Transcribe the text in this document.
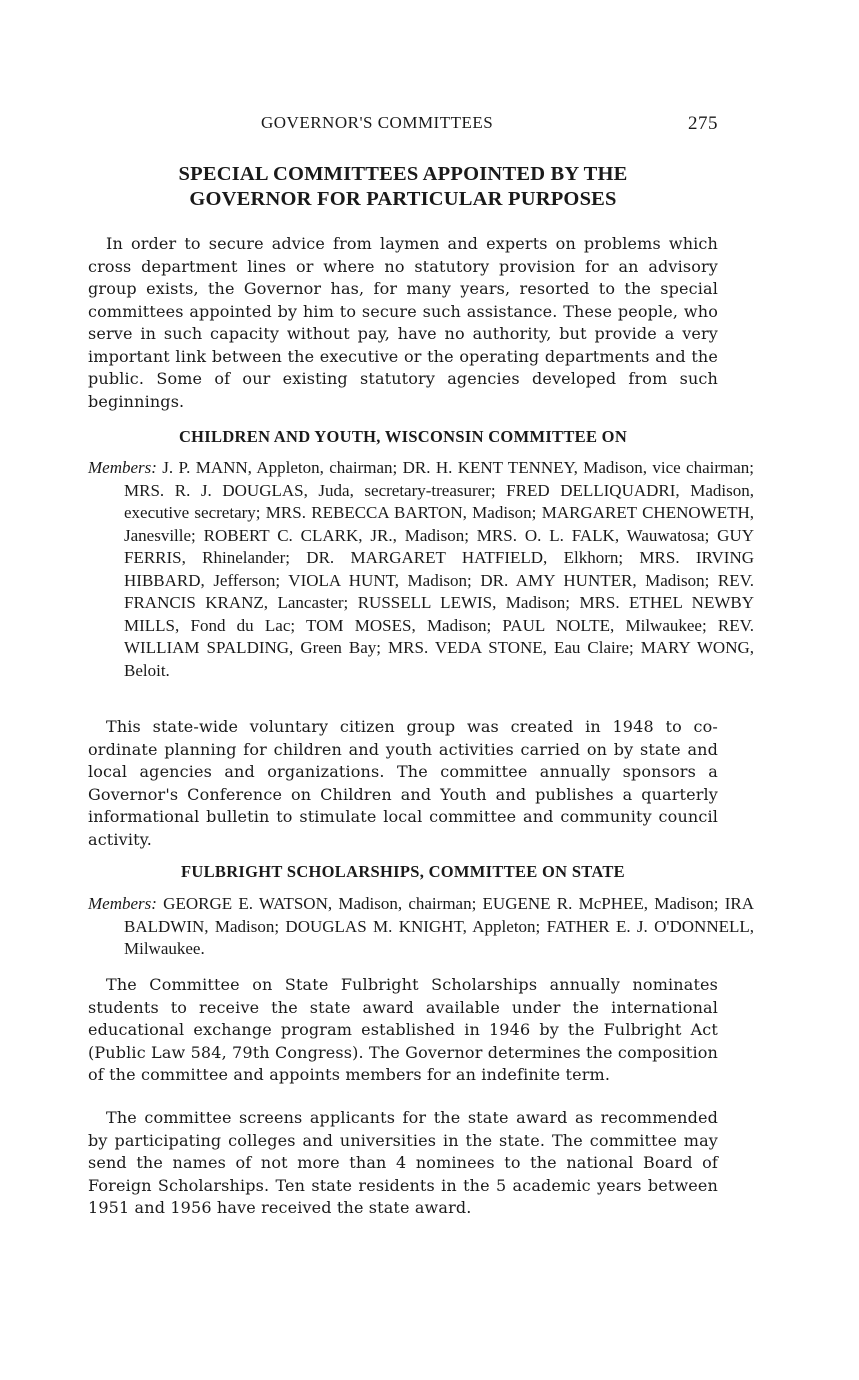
GOVERNOR'S COMMITTEES	275
SPECIAL COMMITTEES APPOINTED BY THE
GOVERNOR FOR PARTICULAR PURPOSES

In order to secure advice from laymen and experts on problems which cross department lines or where no statutory provision for an advisory group exists, the Governor has, for many years, resorted to the special committees appointed by him to secure such assistance. These people, who serve in such capacity without pay, have no authority, but provide a very important link between the executive or the operating departments and the public. Some of our existing statutory agencies developed from such beginnings.

CHILDREN AND YOUTH, WISCONSIN COMMITTEE ON

Members: J. P. MANN, Appleton, chairman; DR. H. KENT TENNEY, Madison, vice chairman; MRS. R. J. DOUGLAS, Juda, secretary-treasurer; FRED DELLIQUADRI, Madison, executive secretary; MRS. REBECCA BARTON, Madison; MARGARET CHENOWETH, Janesville; ROBERT C. CLARK, JR., Madison; MRS. O. L. FALK, Wauwatosa; GUY FERRIS, Rhinelander; DR. MARGARET HATFIELD, Elkhorn; MRS. IRVING HIBBARD, Jefferson; VIOLA HUNT, Madison; DR. AMY HUNTER, Madison; REV. FRANCIS KRANZ, Lancaster; RUSSELL LEWIS, Madison; MRS. ETHEL NEWBY MILLS, Fond du Lac; TOM MOSES, Madison; PAUL NOLTE, Milwaukee; REV. WILLIAM SPALDING, Green Bay; MRS. VEDA STONE, Eau Claire; MARY WONG, Beloit.

This state-wide voluntary citizen group was created in 1948 to co-ordinate planning for children and youth activities carried on by state and local agencies and organizations. The committee annually sponsors a Governor's Conference on Children and Youth and publishes a quarterly informational bulletin to stimulate local committee and community council activity.

FULBRIGHT SCHOLARSHIPS, COMMITTEE ON STATE

Members: GEORGE E. WATSON, Madison, chairman; EUGENE R. McPHEE, Madison; IRA BALDWIN, Madison; DOUGLAS M. KNIGHT, Appleton; FATHER E. J. O'DONNELL, Milwaukee.

The Committee on State Fulbright Scholarships annually nominates students to receive the state award available under the international educational exchange program established in 1946 by the Fulbright Act (Public Law 584, 79th Congress). The Governor determines the composition of the committee and appoints members for an indefinite term.

The committee screens applicants for the state award as recommended by participating colleges and universities in the state. The committee may send the names of not more than 4 nominees to the national Board of Foreign Scholarships. Ten state residents in the 5 academic years between 1951 and 1956 have received the state award.
